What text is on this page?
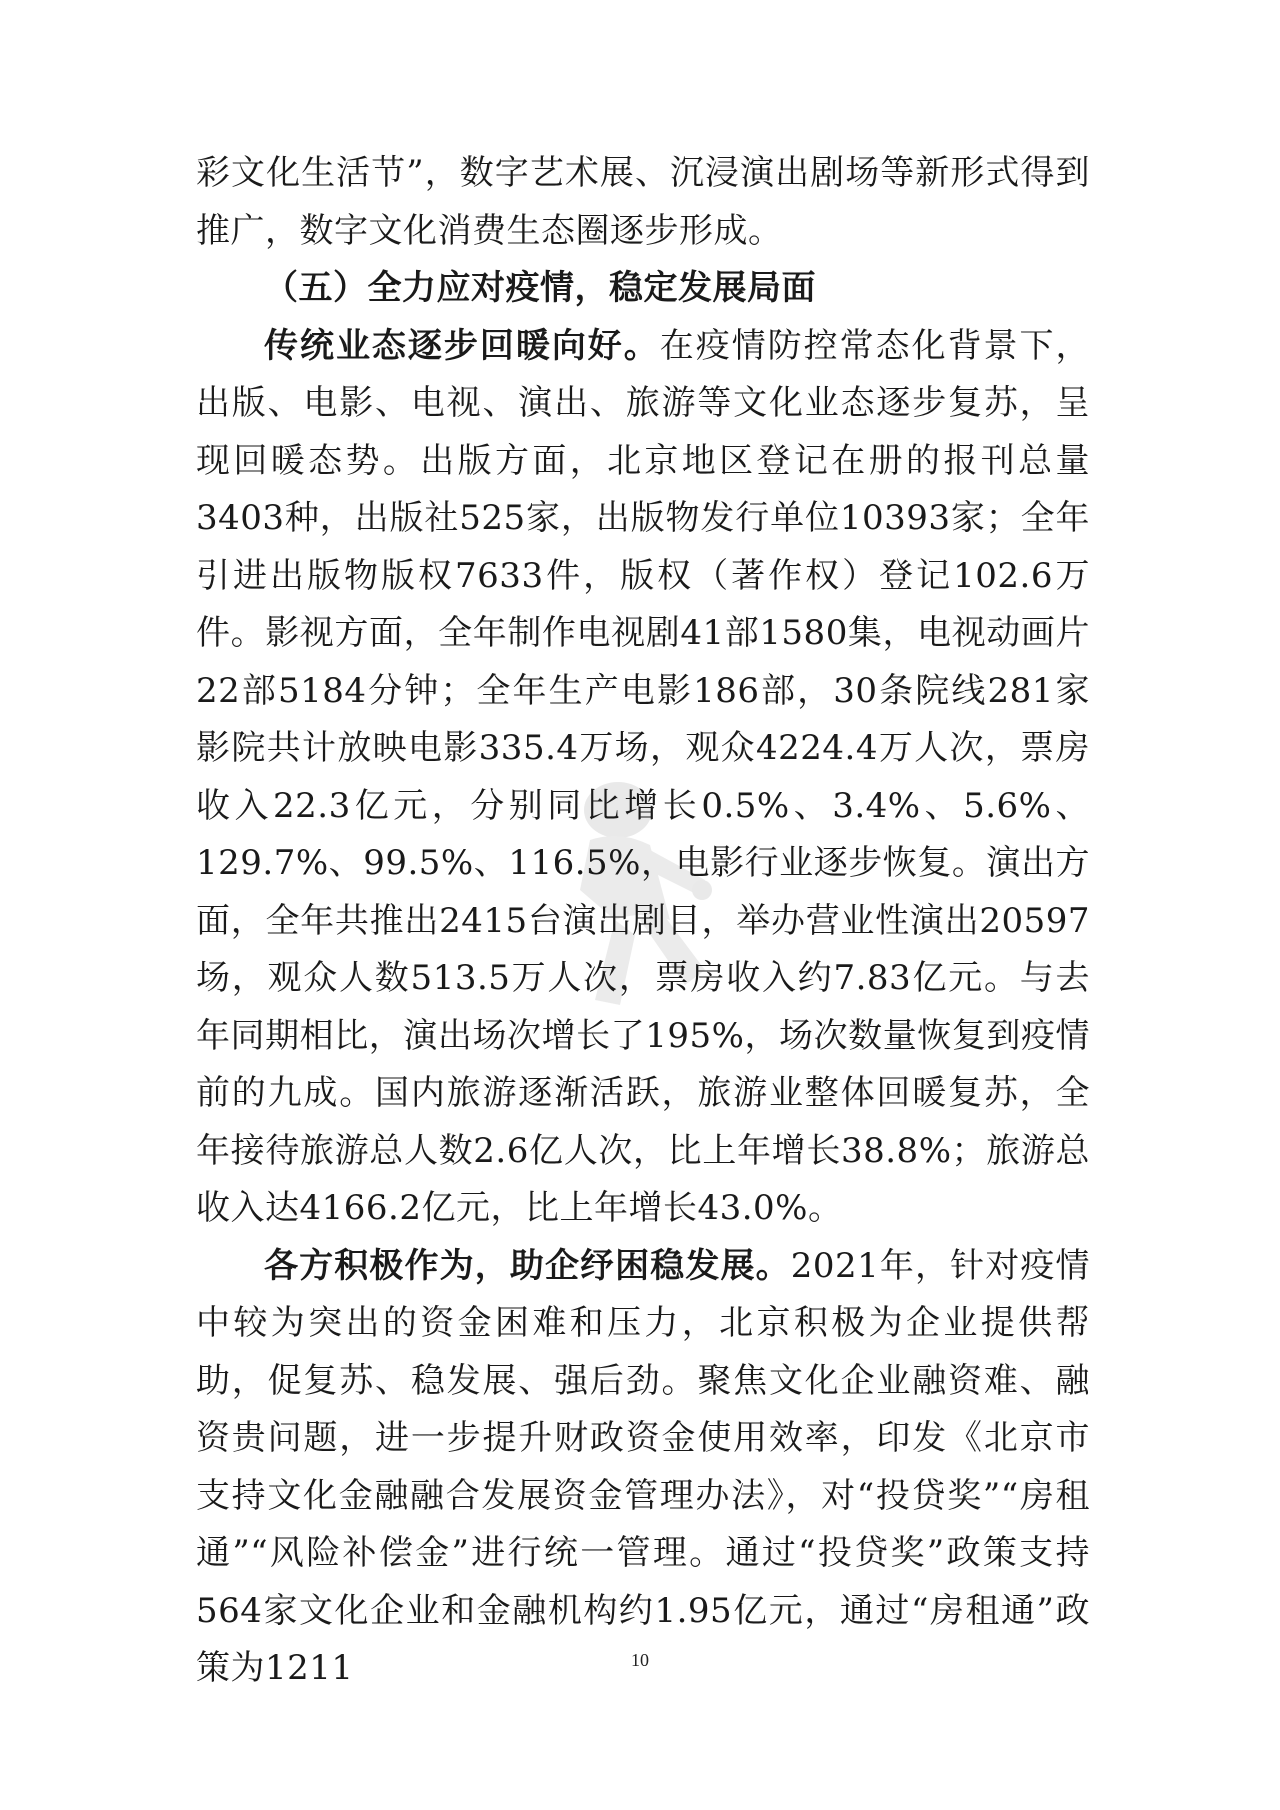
彩文化生活节”，数字艺术展、沉浸演出剧场等新形式得到推广，数字文化消费生态圈逐步形成。

（五）全力应对疫情，稳定发展局面

传统业态逐步回暖向好。在疫情防控常态化背景下，出版、电影、电视、演出、旅游等文化业态逐步复苏，呈现回暖态势。出版方面，北京地区登记在册的报刊总量3403种，出版社525家，出版物发行单位10393家；全年引进出版物版权7633件，版权（著作权）登记102.6万件。影视方面，全年制作电视剧41部1580集，电视动画片22部5184分钟；全年生产电影186部，30条院线281家影院共计放映电影335.4万场，观众4224.4万人次，票房收入22.3亿元，分别同比增长0.5%、3.4%、5.6%、129.7%、99.5%、116.5%，电影行业逐步恢复。演出方面，全年共推出2415台演出剧目，举办营业性演出20597场，观众人数513.5万人次，票房收入约7.83亿元。与去年同期相比，演出场次增长了195%，场次数量恢复到疫情前的九成。国内旅游逐渐活跃，旅游业整体回暖复苏，全年接待旅游总人数2.6亿人次，比上年增长38.8%；旅游总收入达4166.2亿元，比上年增长43.0%。

各方积极作为，助企纾困稳发展。2021年，针对疫情中较为突出的资金困难和压力，北京积极为企业提供帮助，促复苏、稳发展、强后劲。聚焦文化企业融资难、融资贵问题，进一步提升财政资金使用效率，印发《北京市支持文化金融融合发展资金管理办法》，对“投贷奖”“房租通”“风险补偿金”进行统一管理。通过“投贷奖”政策支持564家文化企业和金融机构约1.95亿元，通过“房租通”政策为1211	10
